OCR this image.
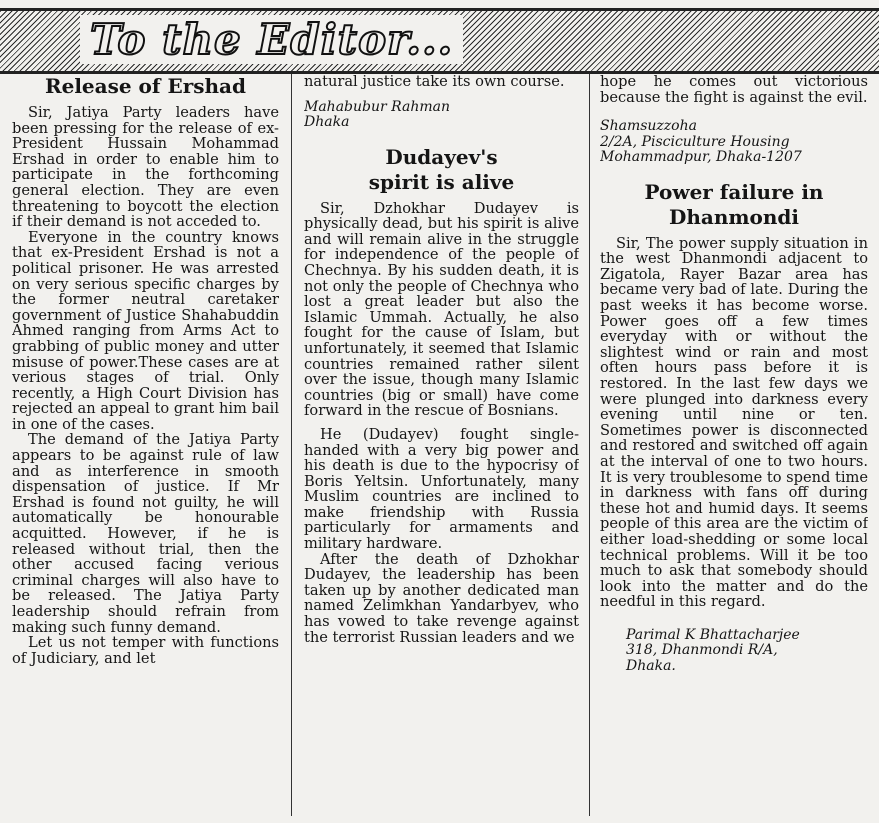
To the Editor...
Release of Ershad

Sir, Jatiya Party leaders have been pressing for the release of ex-President Hussain Mohammad Ershad in order to enable him to participate in the forthcoming general election. They are even threatening to boycott the election if their demand is not acceded to.

Everyone in the country knows that ex-President Ershad is not a political prisoner. He was arrested on very serious specific charges by the former neutral caretaker government of Justice Shahabuddin Ahmed ranging from Arms Act to grabbing of public money and utter misuse of power.These cases are at verious stages of trial. Only recently, a High Court Division has rejected an appeal to grant him bail in one of the cases.

The demand of the Jatiya Party appears to be against rule of law and as interference in smooth dispensation of justice. If Mr Ershad is found not guilty, he will automatically be honourable acquitted. However, if he is released without trial, then the other accused facing verious criminal charges will also have to be released. The Jatiya Party leadership should refrain from making such funny demand.

Let us not temper with functions of Judiciary, and let

natural justice take its own course.

Mahabubur Rahman
Dhaka
Dudayev's
spirit is alive

Sir, Dzhokhar Dudayev is physically dead, but his spirit is alive and will remain alive in the struggle for independence of the people of Chechnya. By his sudden death, it is not only the people of Chechnya who lost a great leader but also the Islamic Ummah. Actually, he also fought for the cause of Islam, but unfortunately, it seemed that Islamic countries remained rather silent over the issue, though many Islamic countries (big or small) have come forward in the rescue of Bosnians.

He (Dudayev) fought single-handed with a very big power and his death is due to the hypocrisy of Boris Yeltsin. Unfortunately, many Muslim countries are inclined to make friendship with Russia particularly for armaments and military hardware.

After the death of Dzhokhar Dudayev, the leadership has been taken up by another dedicated man named Zelimkhan Yandarbyev, who has vowed to take revenge against the terrorist Russian leaders and we

hope he comes out victorious because the fight is against the evil.

Shamsuzzoha
2/2A, Pisciculture Housing
Mohammadpur, Dhaka-1207
Power failure in
Dhanmondi

Sir, The power supply situation in the west Dhanmondi adjacent to Zigatola, Rayer Bazar area has became very bad of late. During the past weeks it has become worse. Power goes off a few times everyday with or without the slightest wind or rain and most often hours pass before it is restored. In the last few days we were plunged into darkness every evening until nine or ten. Sometimes power is disconnected and restored and switched off again at the interval of one to two hours. It is very troublesome to spend time in darkness with fans off during these hot and humid days. It seems people of this area are the victim of either load-shedding or some local technical problems. Will it be too much to ask that somebody should look into the matter and do the needful in this regard.

Parimal K Bhattacharjee
318, Dhanmondi R/A,
Dhaka.
